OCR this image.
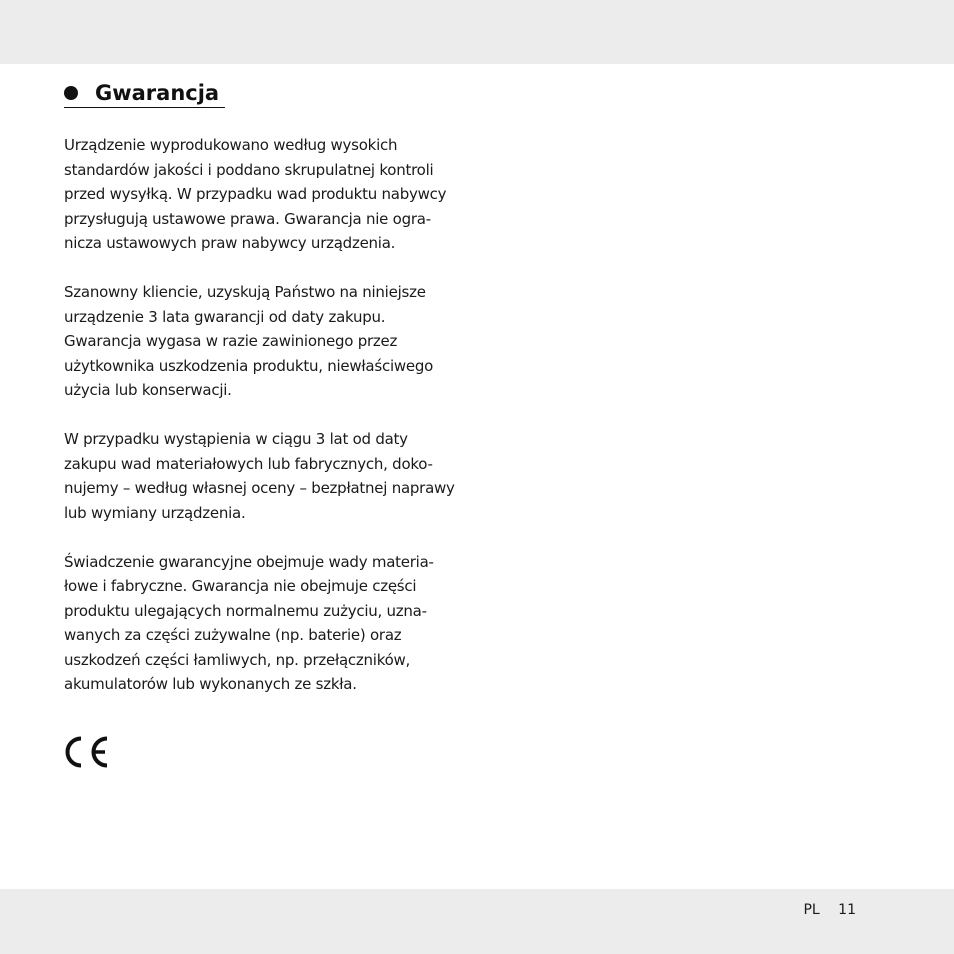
Gwarancja

Urządzenie wyprodukowano według wysokich
standardów jakości i poddano skrupulatnej kontroli
przed wysyłką. W przypadku wad produktu nabywcy
przysługują ustawowe prawa. Gwarancja nie ogra-
nicza ustawowych praw nabywcy urządzenia.

Szanowny kliencie, uzyskują Państwo na niniejsze
urządzenie 3 lata gwarancji od daty zakupu.
Gwarancja wygasa w razie zawinionego przez
użytkownika uszkodzenia produktu, niewłaściwego
użycia lub konserwacji.

W przypadku wystąpienia w ciągu 3 lat od daty
zakupu wad materiałowych lub fabrycznych, doko-
nujemy – według własnej oceny – bezpłatnej naprawy
lub wymiany urządzenia.

Świadczenie gwarancyjne obejmuje wady materia-
łowe i fabryczne. Gwarancja nie obejmuje części
produktu ulegających normalnemu zużyciu, uzna-
wanych za części zużywalne (np. baterie) oraz
uszkodzeń części łamliwych, np. przełączników,
akumulatorów lub wykonanych ze szkła.

PL 11
